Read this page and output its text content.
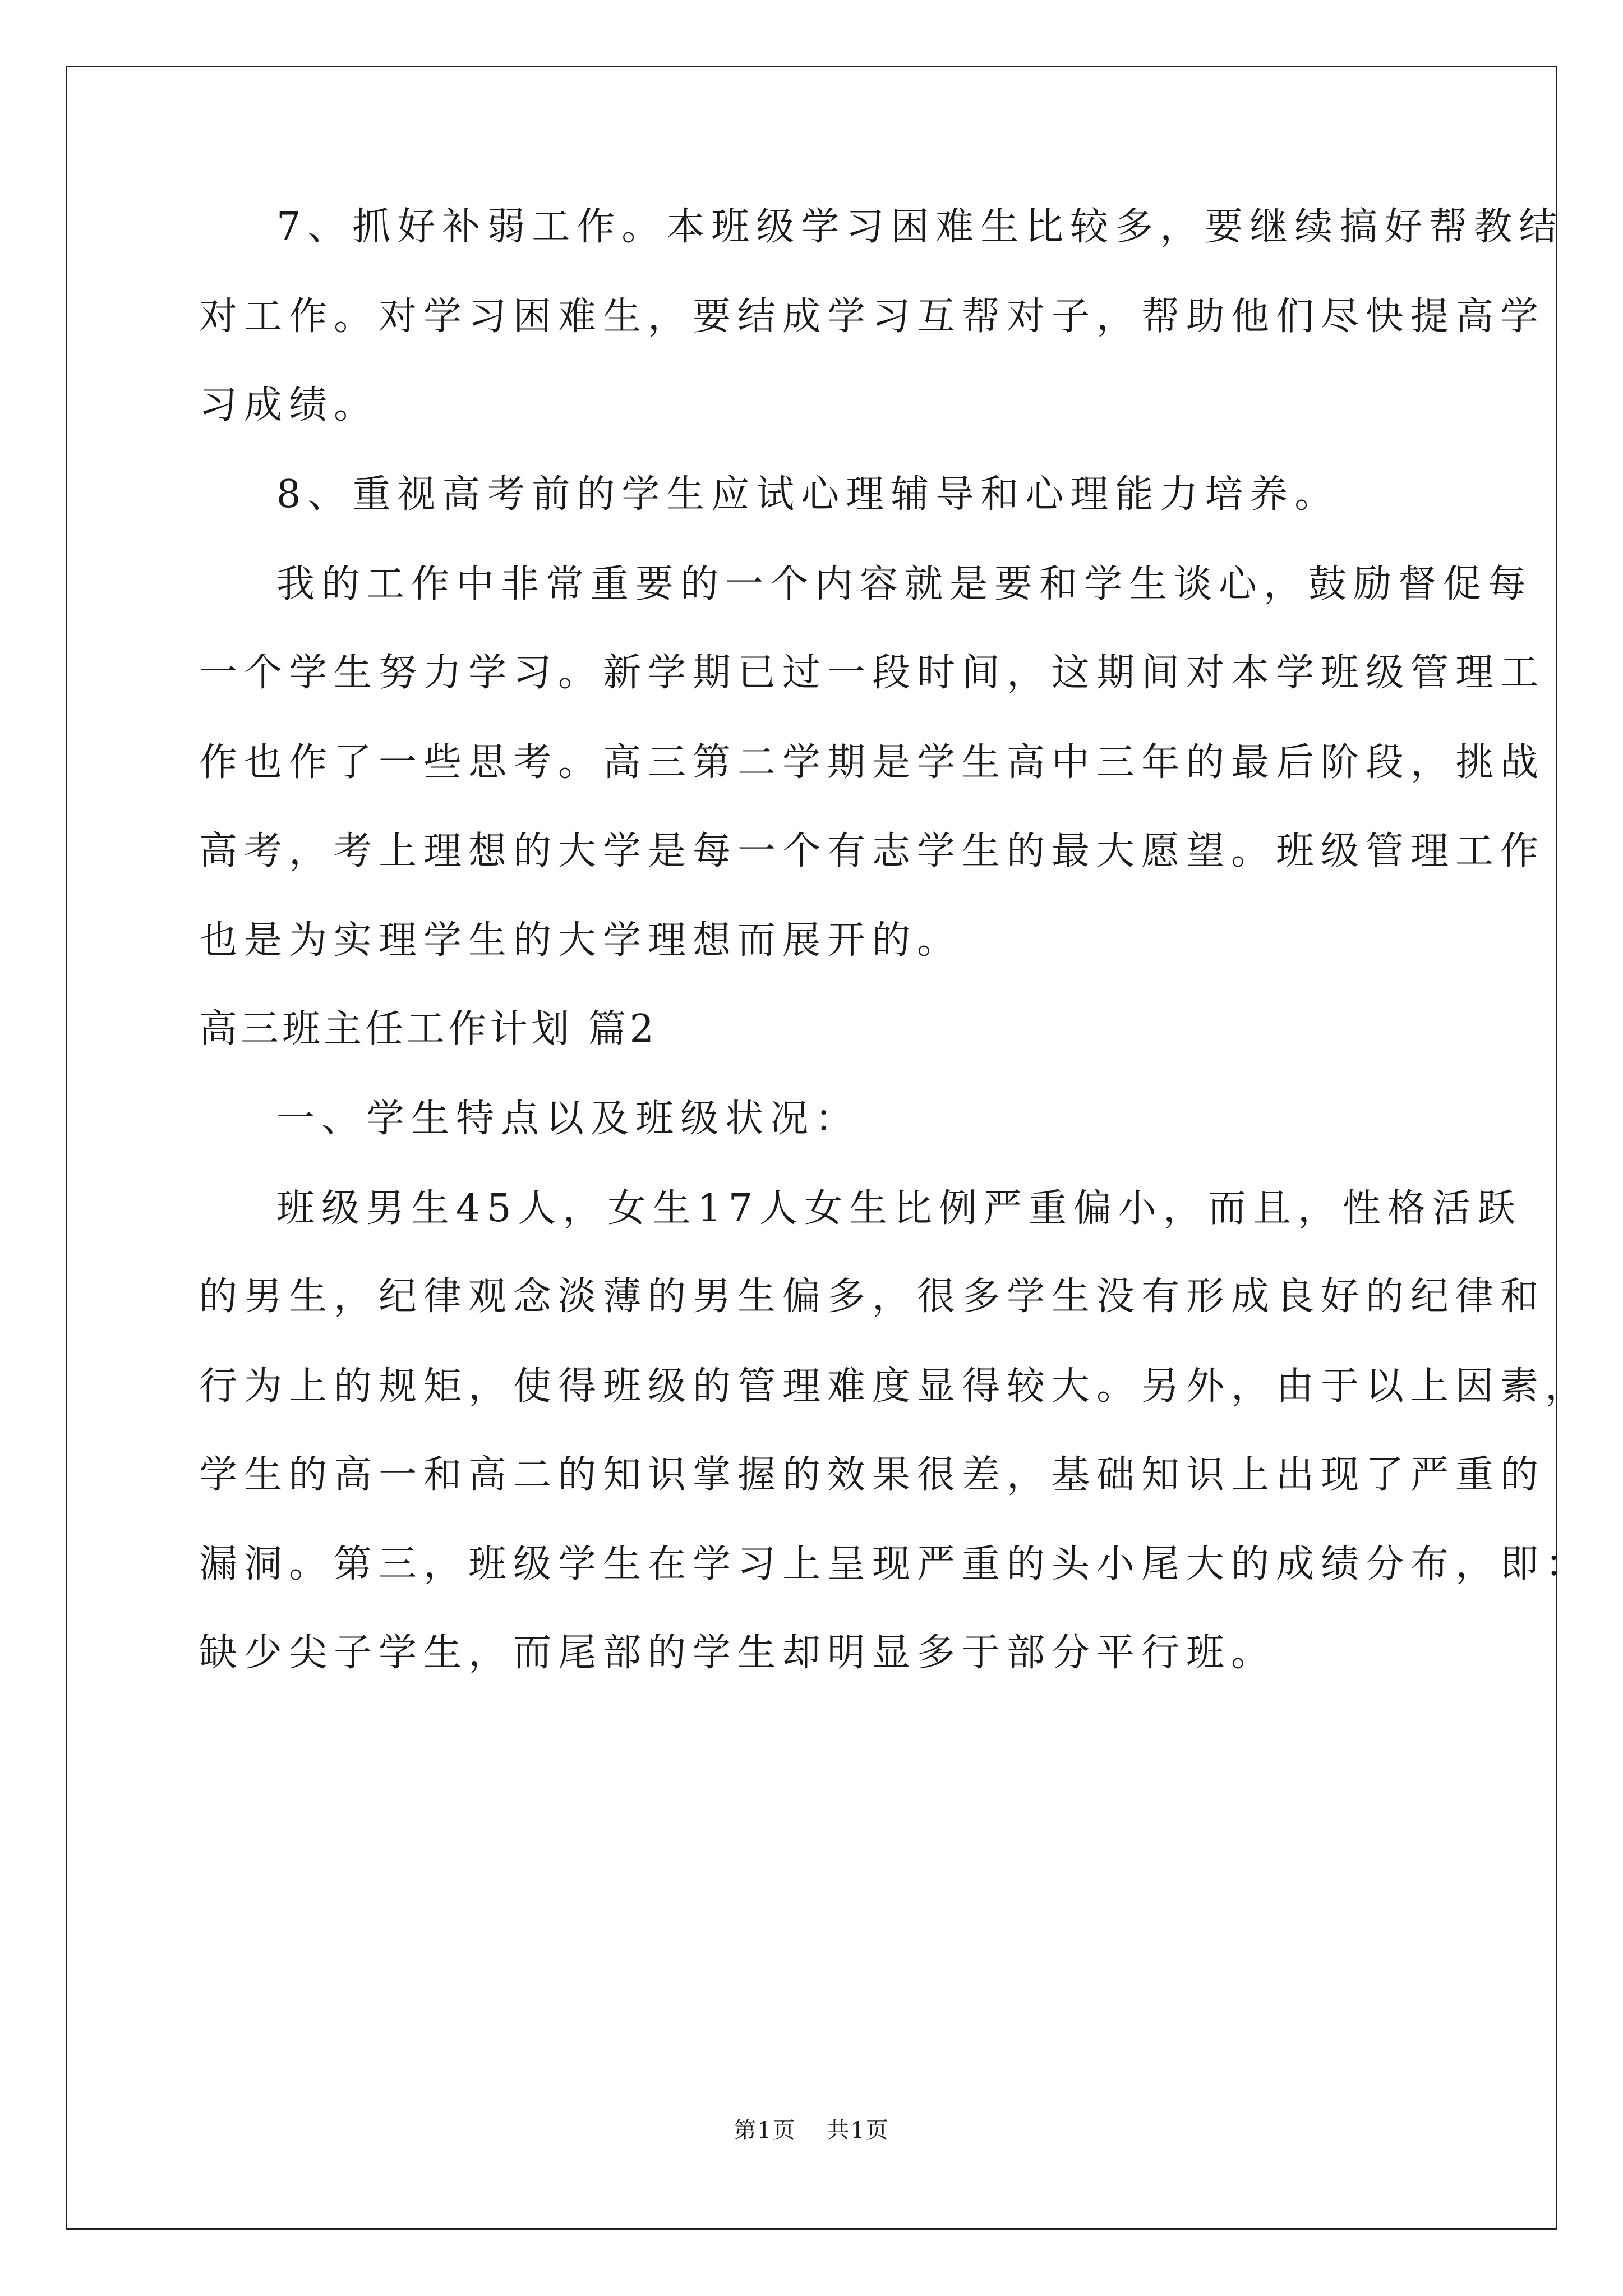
7、抓好补弱工作。本班级学习困难生比较多，要继续搞好帮教结
对工作。对学习困难生，要结成学习互帮对子，帮助他们尽快提高学
习成绩。
8、重视高考前的学生应试心理辅导和心理能力培养。
我的工作中非常重要的一个内容就是要和学生谈心，鼓励督促每
一个学生努力学习。新学期已过一段时间，这期间对本学班级管理工
作也作了一些思考。高三第二学期是学生高中三年的最后阶段，挑战
高考，考上理想的大学是每一个有志学生的最大愿望。班级管理工作
也是为实理学生的大学理想而展开的。
高三班主任工作计划 篇2
一、学生特点以及班级状况：
班级男生45人，女生17人女生比例严重偏小，而且，性格活跃
的男生，纪律观念淡薄的男生偏多，很多学生没有形成良好的纪律和
行为上的规矩，使得班级的管理难度显得较大。另外，由于以上因素，
学生的高一和高二的知识掌握的效果很差，基础知识上出现了严重的
漏洞。第三，班级学生在学习上呈现严重的头小尾大的成绩分布，即：
缺少尖子学生，而尾部的学生却明显多于部分平行班。
第1页 共1页
